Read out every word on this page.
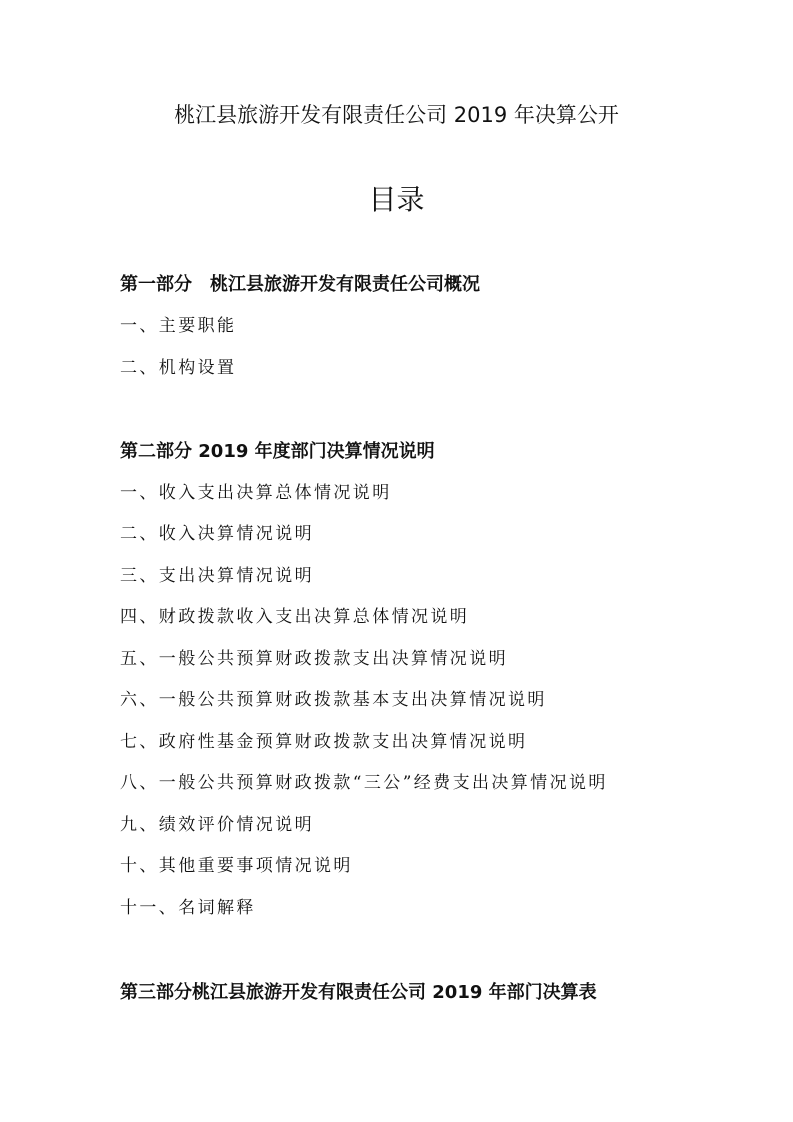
桃江县旅游开发有限责任公司 2019 年决算公开
目录
第一部分　桃江县旅游开发有限责任公司概况
一、主要职能
二、机构设置
第二部分 2019 年度部门决算情况说明
一、收入支出决算总体情况说明
二、收入决算情况说明
三、支出决算情况说明
四、财政拨款收入支出决算总体情况说明
五、一般公共预算财政拨款支出决算情况说明
六、一般公共预算财政拨款基本支出决算情况说明
七、政府性基金预算财政拨款支出决算情况说明
八、一般公共预算财政拨款“三公”经费支出决算情况说明
九、绩效评价情况说明
十、其他重要事项情况说明
十一、名词解释
第三部分桃江县旅游开发有限责任公司 2019 年部门决算表
